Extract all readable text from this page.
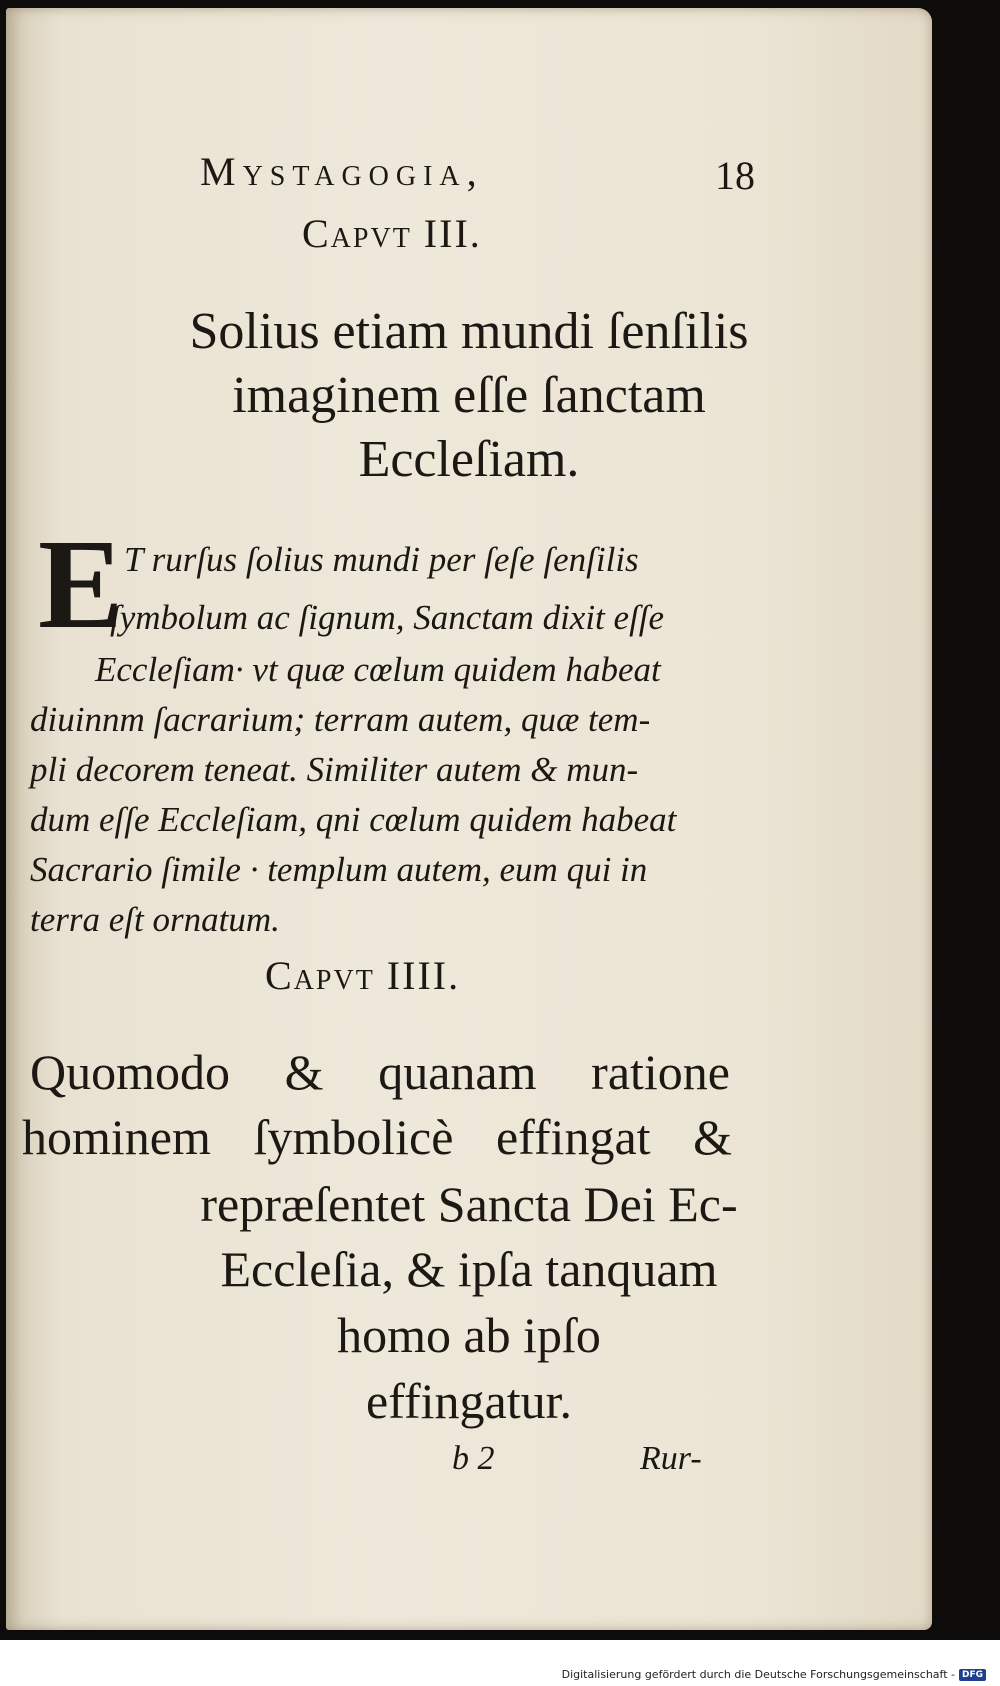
Mystagogia,	18
Capvt III.
Solius etiam mundi ſenſilis
imaginem eſſe ſanctam
Eccleſiam.
E T rurſus ſolius mundi per ſeſe ſenſilis
ſymbolum ac ſignum, Sanctam dixit eſſe
Eccleſiam· vt quæ cœlum quidem habeat
diuinnm ſacrarium; terram autem, quæ tem-
pli decorem teneat. Similiter autem & mun-
dum eſſe Eccleſiam, qni cœlum quidem habeat
Sacrario ſimile · templum autem, eum qui in
terra eſt ornatum.
Capvt IIII.
Quomodo & quanam ratione
hominem ſymbolicè effingat &
repræſentet Sancta Dei Ec-
Eccleſia, & ipſa tanquam
homo ab ipſo
effingatur.
b 2	Rur-
Digitalisierung gefördert durch die Deutsche Forschungsgemeinschaft - DFG
